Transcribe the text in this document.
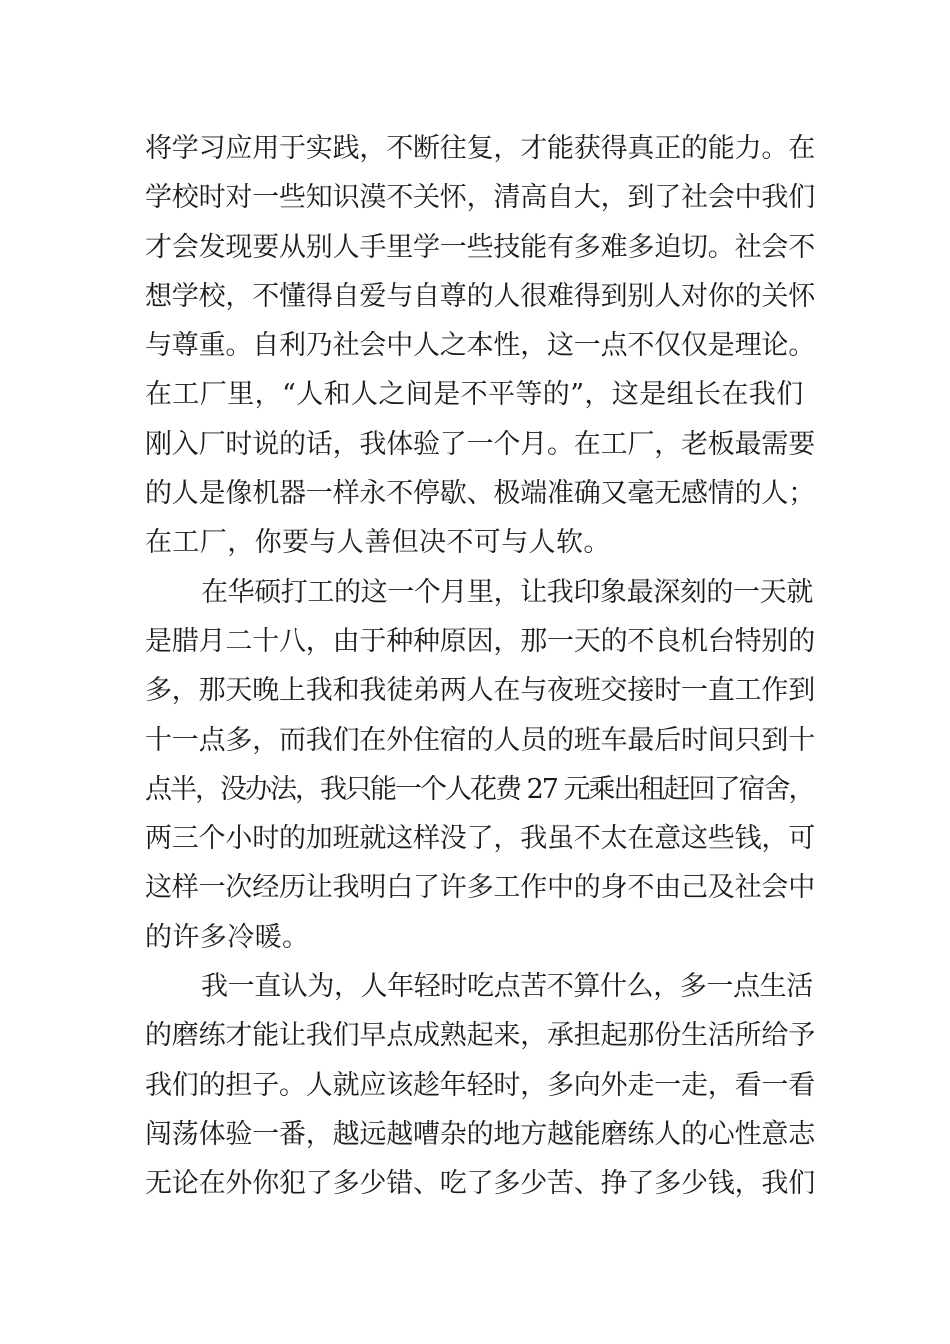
将学习应用于实践，不断往复，才能获得真正的能力。在
学校时对一些知识漠不关怀，清高自大，到了社会中我们
才会发现要从别人手里学一些技能有多难多迫切。社会不
想学校，不懂得自爱与自尊的人很难得到别人对你的关怀
与尊重。自利乃社会中人之本性，这一点不仅仅是理论。
在工厂里，“人和人之间是不平等的”，这是组长在我们
刚入厂时说的话，我体验了一个月。在工厂，老板最需要
的人是像机器一样永不停歇、极端准确又毫无感情的人；
在工厂，你要与人善但决不可与人软。
在华硕打工的这一个月里，让我印象最深刻的一天就
是腊月二十八，由于种种原因，那一天的不良机台特别的
多，那天晚上我和我徒弟两人在与夜班交接时一直工作到
十一点多，而我们在外住宿的人员的班车最后时间只到十
点半，没办法，我只能一个人花费 27 元乘出租赶回了宿舍，
两三个小时的加班就这样没了，我虽不太在意这些钱，可
这样一次经历让我明白了许多工作中的身不由己及社会中
的许多冷暖。
我一直认为，人年轻时吃点苦不算什么，多一点生活
的磨练才能让我们早点成熟起来，承担起那份生活所给予
我们的担子。人就应该趁年轻时，多向外走一走，看一看
闯荡体验一番，越远越嘈杂的地方越能磨练人的心性意志
无论在外你犯了多少错、吃了多少苦、挣了多少钱，我们
